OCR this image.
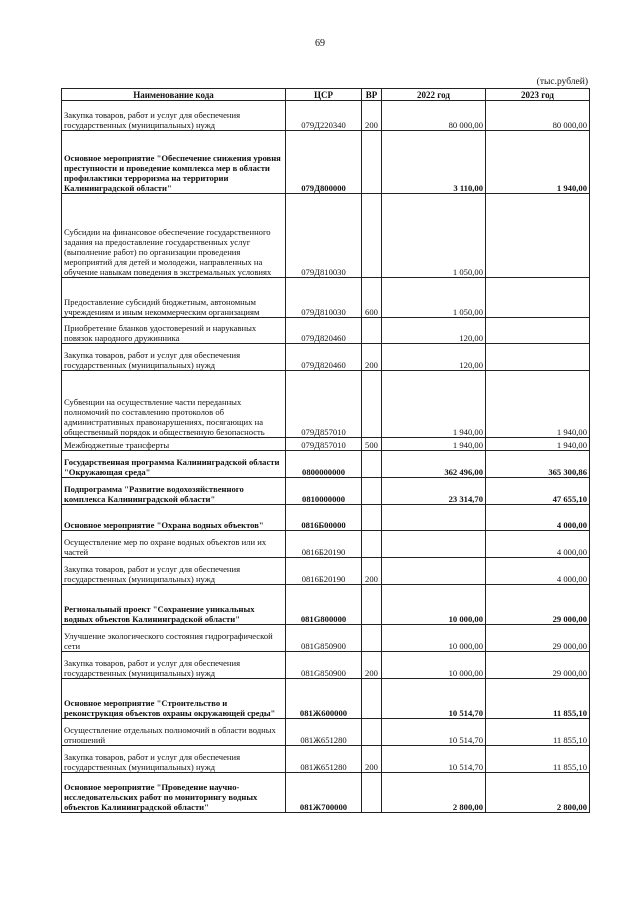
69
(тыс.рублей)
Наименование кода	ЦСР	ВР	2022 год	2023 год
Закупка товаров, работ и услуг для обеспечения государственных (муниципальных) нужд	079Д220340	200	80 000,00	80 000,00
Основное мероприятие "Обеспечение снижения уровня преступности и проведение комплекса мер в области профилактики терроризма на территории Калининградской области"	079Д800000		3 110,00	1 940,00
Субсидии на финансовое обеспечение государственного задания на предоставление государственных услуг (выполнение работ) по организации проведения мероприятий для детей и молодежи, направленных на обучение навыкам поведения в экстремальных условиях	079Д810030		1 050,00	
Предоставление субсидий бюджетным, автономным учреждениям и иным некоммерческим организациям	079Д810030	600	1 050,00	
Приобретение бланков удостоверений и нарукавных повязок народного дружинника	079Д820460		120,00	
Закупка товаров, работ и услуг для обеспечения государственных (муниципальных) нужд	079Д820460	200	120,00	
Субвенции на осуществление части переданных полномочий по составлению протоколов об административных правонарушениях, посягающих на общественный порядок и общественную безопасность	079Д857010		1 940,00	1 940,00
Межбюджетные трансферты	079Д857010	500	1 940,00	1 940,00
Государственная программа Калининградской области "Окружающая среда"	0800000000		362 496,00	365 300,86
Подпрограмма "Развитие водохозяйственного комплекса Калининградской области"	0810000000		23 314,70	47 655,10
Основное мероприятие "Охрана водных объектов"	0816Б00000			4 000,00
Осуществление мер по охране водных объектов или их частей	0816Б20190			4 000,00
Закупка товаров, работ и услуг для обеспечения государственных (муниципальных) нужд	0816Б20190	200		4 000,00
Региональный проект "Сохранение уникальных водных объектов Калининградской области"	081G800000		10 000,00	29 000,00
Улучшение экологического состояния гидрографической сети	081G850900		10 000,00	29 000,00
Закупка товаров, работ и услуг для обеспечения государственных (муниципальных) нужд	081G850900	200	10 000,00	29 000,00
Основное мероприятие "Строительство и реконструкция объектов охраны окружающей среды"	081Ж600000		10 514,70	11 855,10
Осуществление отдельных полномочий в области водных отношений	081Ж651280		10 514,70	11 855,10
Закупка товаров, работ и услуг для обеспечения государственных (муниципальных) нужд	081Ж651280	200	10 514,70	11 855,10
Основное мероприятие "Проведение научно-исследовательских работ по мониторингу водных объектов Калининградской области"	081Ж700000		2 800,00	2 800,00
